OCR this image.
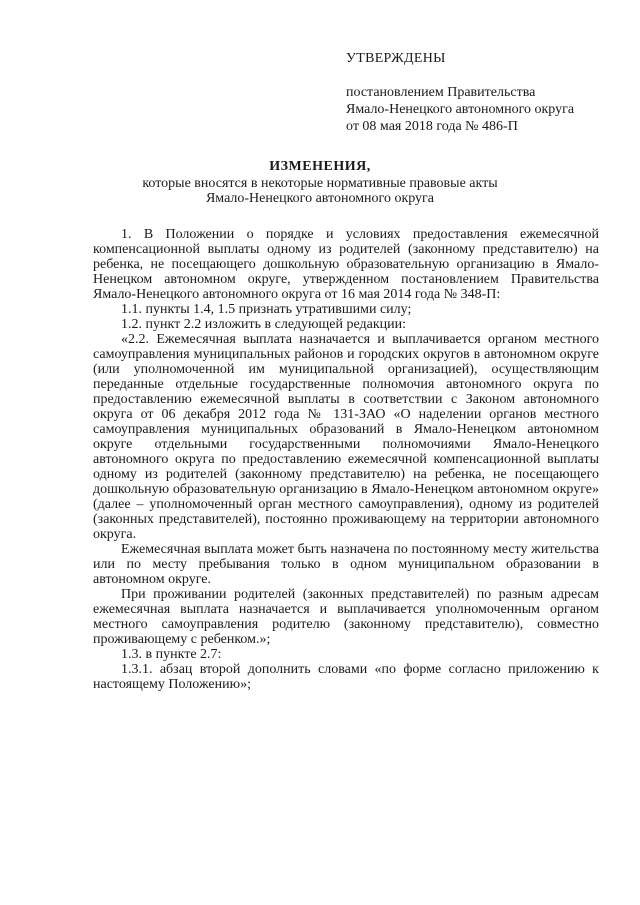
УТВЕРЖДЕНЫ
постановлением Правительства
Ямало-Ненецкого автономного округа
от 08 мая 2018 года № 486-П
ИЗМЕНЕНИЯ,
которые вносятся в некоторые нормативные правовые акты
Ямало-Ненецкого автономного округа

1. В Положении о порядке и условиях предоставления ежемесячной компенсационной выплаты одному из родителей (законному представителю) на ребенка, не посещающего дошкольную образовательную организацию в Ямало-Ненецком автономном округе, утвержденном постановлением Правительства Ямало-Ненецкого автономного округа от 16 мая 2014 года № 348-П:

1.1. пункты 1.4, 1.5 признать утратившими силу;

1.2. пункт 2.2 изложить в следующей редакции:

«2.2. Ежемесячная выплата назначается и выплачивается органом местного самоуправления муниципальных районов и городских округов в автономном округе (или уполномоченной им муниципальной организацией), осуществляющим переданные отдельные государственные полномочия автономного округа по предоставлению ежемесячной выплаты в соответствии с Законом автономного округа от 06 декабря 2012 года № 131-ЗАО «О наделении органов местного самоуправления муниципальных образований в Ямало-Ненецком автономном округе отдельными государственными полномочиями Ямало-Ненецкого автономного округа по предоставлению ежемесячной компенсационной выплаты одному из родителей (законному представителю) на ребенка, не посещающего дошкольную образовательную организацию в Ямало-Ненецком автономном округе» (далее – уполномоченный орган местного самоуправления), одному из родителей (законных представителей), постоянно проживающему на территории автономного округа.

Ежемесячная выплата может быть назначена по постоянному месту жительства или по месту пребывания только в одном муниципальном образовании в автономном округе.

При проживании родителей (законных представителей) по разным адресам ежемесячная выплата назначается и выплачивается уполномоченным органом местного самоуправления родителю (законному представителю), совместно проживающему с ребенком.»;

1.3. в пункте 2.7:

1.3.1. абзац второй дополнить словами «по форме согласно приложению к настоящему Положению»;
